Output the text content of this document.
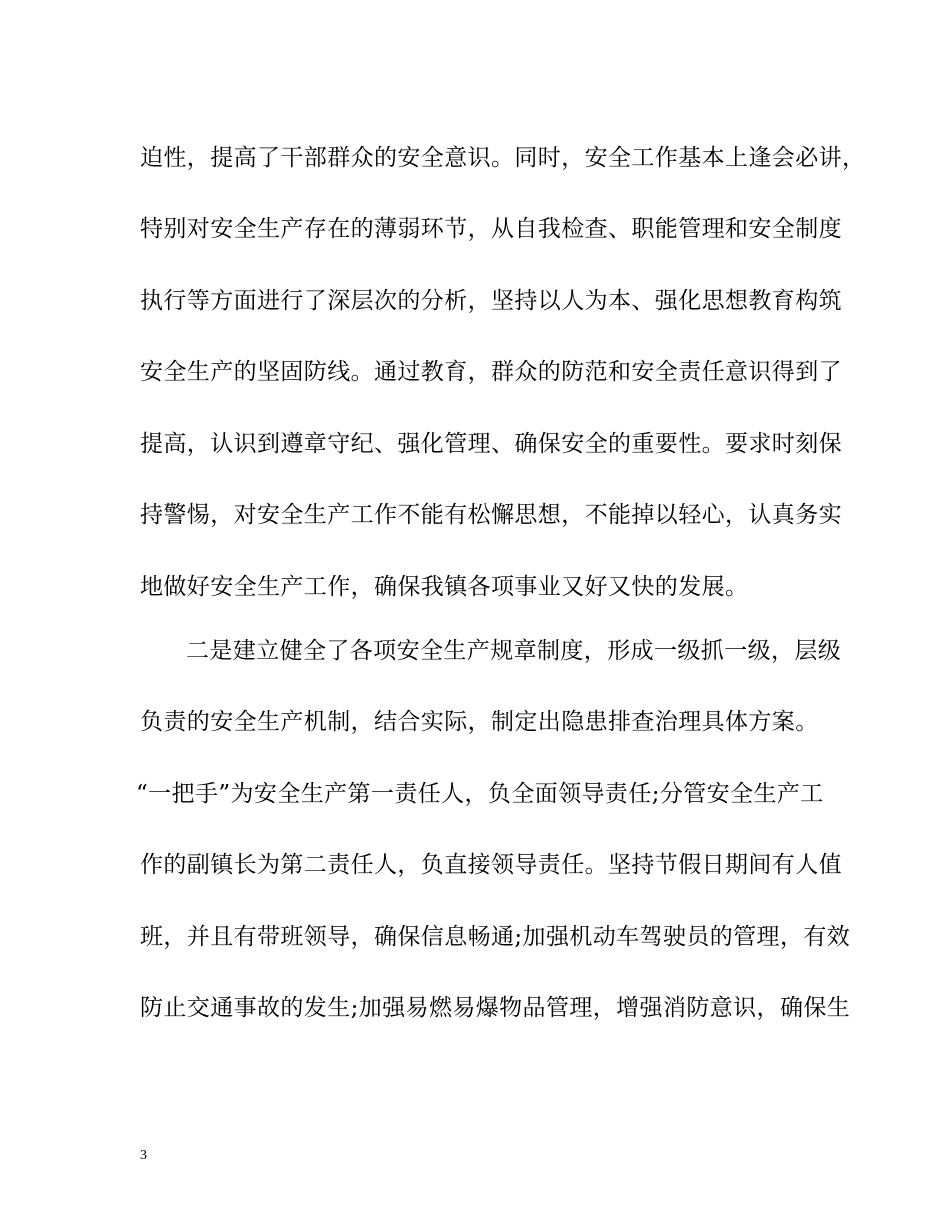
迫性，提高了干部群众的安全意识。同时，安全工作基本上逢会必讲，
特别对安全生产存在的薄弱环节，从自我检查、职能管理和安全制度
执行等方面进行了深层次的分析，坚持以人为本、强化思想教育构筑
安全生产的坚固防线。通过教育，群众的防范和安全责任意识得到了
提高，认识到遵章守纪、强化管理、确保安全的重要性。要求时刻保
持警惕，对安全生产工作不能有松懈思想，不能掉以轻心，认真务实
地做好安全生产工作，确保我镇各项事业又好又快的发展。
二是建立健全了各项安全生产规章制度，形成一级抓一级，层级
负责的安全生产机制，结合实际，制定出隐患排查治理具体方案。
“一把手”为安全生产第一责任人，负全面领导责任;分管安全生产工
作的副镇长为第二责任人，负直接领导责任。坚持节假日期间有人值
班，并且有带班领导，确保信息畅通;加强机动车驾驶员的管理，有效
防止交通事故的发生;加强易燃易爆物品管理，增强消防意识，确保生
3
